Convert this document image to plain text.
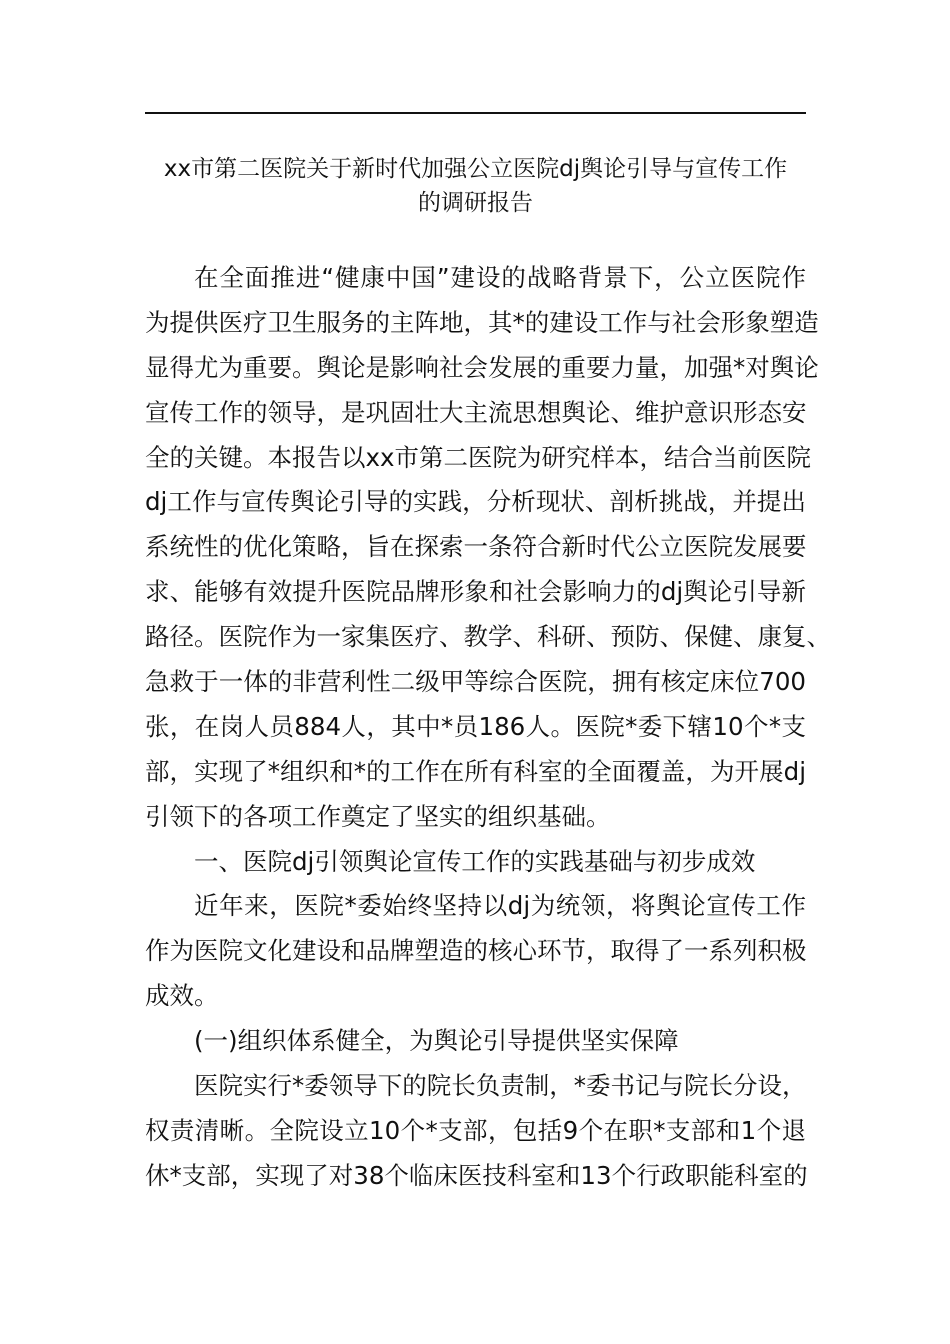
xx市第二医院关于新时代加强公立医院dj舆论引导与宣传工作
的调研报告
在全面推进“健康中国”建设的战略背景下，公立医院作
为提供医疗卫生服务的主阵地，其*的建设工作与社会形象塑造
显得尤为重要。舆论是影响社会发展的重要力量，加强*对舆论
宣传工作的领导，是巩固壮大主流思想舆论、维护意识形态安
全的关键。本报告以xx市第二医院为研究样本，结合当前医院
dj工作与宣传舆论引导的实践，分析现状、剖析挑战，并提出
系统性的优化策略，旨在探索一条符合新时代公立医院发展要
求、能够有效提升医院品牌形象和社会影响力的dj舆论引导新
路径。医院作为一家集医疗、教学、科研、预防、保健、康复、
急救于一体的非营利性二级甲等综合医院，拥有核定床位700
张，在岗人员884人，其中*员186人。医院*委下辖10个*支
部，实现了*组织和*的工作在所有科室的全面覆盖，为开展dj
引领下的各项工作奠定了坚实的组织基础。
一、医院dj引领舆论宣传工作的实践基础与初步成效
近年来，医院*委始终坚持以dj为统领，将舆论宣传工作
作为医院文化建设和品牌塑造的核心环节，取得了一系列积极
成效。
(一)组织体系健全，为舆论引导提供坚实保障
医院实行*委领导下的院长负责制，*委书记与院长分设，
权责清晰。全院设立10个*支部，包括9个在职*支部和1个退
休*支部，实现了对38个临床医技科室和13个行政职能科室的
